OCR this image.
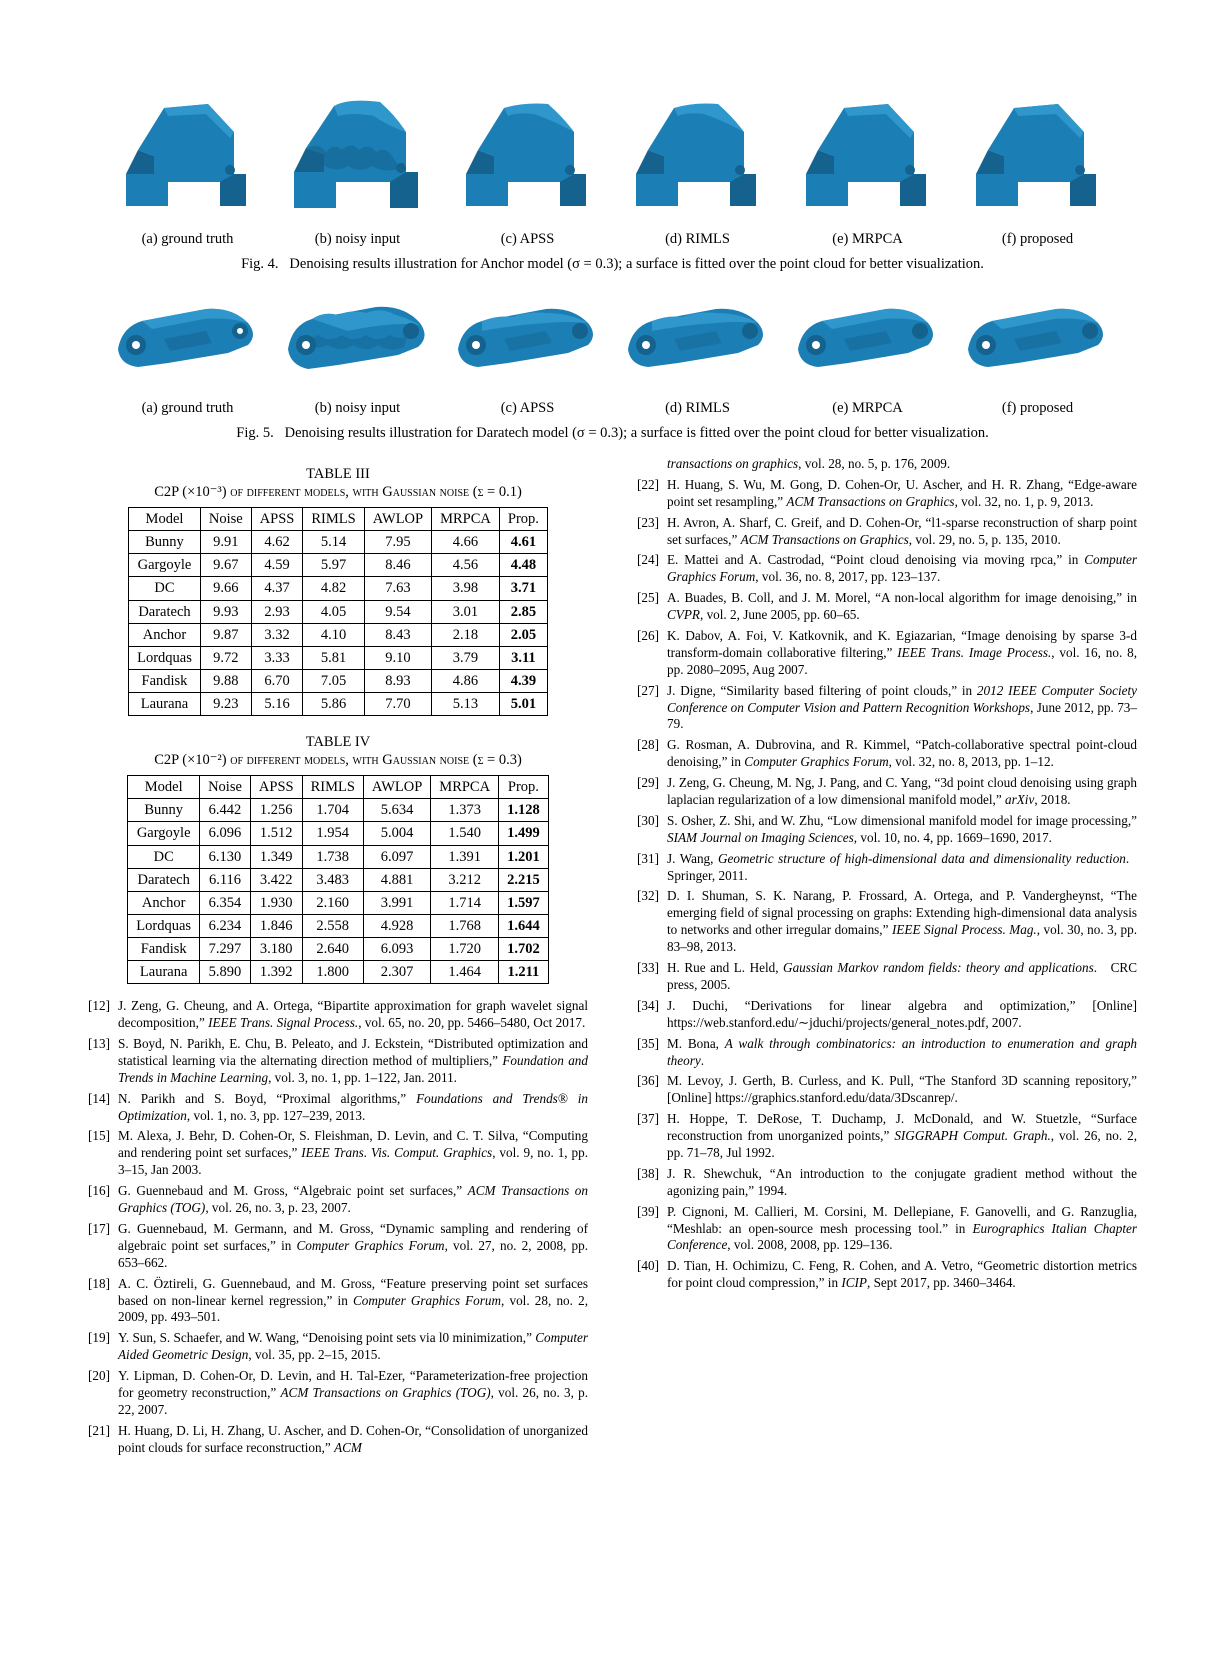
(a) ground truth	(b) noisy input	(c) APSS	(d) RIMLS	(e) MRPCA	(f) proposed
Fig. 4. Denoising results illustration for Anchor model (σ = 0.3); a surface is fitted over the point cloud for better visualization.
(a) ground truth	(b) noisy input	(c) APSS	(d) RIMLS	(e) MRPCA	(f) proposed
Fig. 5. Denoising results illustration for Daratech model (σ = 0.3); a surface is fitted over the point cloud for better visualization.
TABLE III
C2P (×10⁻³) of different models, with Gaussian noise (σ = 0.1)
Model	Noise	APSS	RIMLS	AWLOP	MRPCA	Prop.
Bunny	9.91	4.62	5.14	7.95	4.66	4.61
Gargoyle	9.67	4.59	5.97	8.46	4.56	4.48
DC	9.66	4.37	4.82	7.63	3.98	3.71
Daratech	9.93	2.93	4.05	9.54	3.01	2.85
Anchor	9.87	3.32	4.10	8.43	2.18	2.05
Lordquas	9.72	3.33	5.81	9.10	3.79	3.11
Fandisk	9.88	6.70	7.05	8.93	4.86	4.39
Laurana	9.23	5.16	5.86	7.70	5.13	5.01
TABLE IV
C2P (×10⁻²) of different models, with Gaussian noise (σ = 0.3)
Model	Noise	APSS	RIMLS	AWLOP	MRPCA	Prop.
Bunny	6.442	1.256	1.704	5.634	1.373	1.128
Gargoyle	6.096	1.512	1.954	5.004	1.540	1.499
DC	6.130	1.349	1.738	6.097	1.391	1.201
Daratech	6.116	3.422	3.483	4.881	3.212	2.215
Anchor	6.354	1.930	2.160	3.991	1.714	1.597
Lordquas	6.234	1.846	2.558	4.928	1.768	1.644
Fandisk	7.297	3.180	2.640	6.093	1.720	1.702
Laurana	5.890	1.392	1.800	2.307	1.464	1.211
[12] J. Zeng, G. Cheung, and A. Ortega, “Bipartite approximation for graph wavelet signal decomposition,” IEEE Trans. Signal Process., vol. 65, no. 20, pp. 5466–5480, Oct 2017.
[13] S. Boyd, N. Parikh, E. Chu, B. Peleato, and J. Eckstein, “Distributed optimization and statistical learning via the alternating direction method of multipliers,” Foundation and Trends in Machine Learning, vol. 3, no. 1, pp. 1–122, Jan. 2011.
[14] N. Parikh and S. Boyd, “Proximal algorithms,” Foundations and Trends® in Optimization, vol. 1, no. 3, pp. 127–239, 2013.
[15] M. Alexa, J. Behr, D. Cohen-Or, S. Fleishman, D. Levin, and C. T. Silva, “Computing and rendering point set surfaces,” IEEE Trans. Vis. Comput. Graphics, vol. 9, no. 1, pp. 3–15, Jan 2003.
[16] G. Guennebaud and M. Gross, “Algebraic point set surfaces,” ACM Transactions on Graphics (TOG), vol. 26, no. 3, p. 23, 2007.
[17] G. Guennebaud, M. Germann, and M. Gross, “Dynamic sampling and rendering of algebraic point set surfaces,” in Computer Graphics Forum, vol. 27, no. 2, 2008, pp. 653–662.
[18] A. C. Öztireli, G. Guennebaud, and M. Gross, “Feature preserving point set surfaces based on non-linear kernel regression,” in Computer Graphics Forum, vol. 28, no. 2, 2009, pp. 493–501.
[19] Y. Sun, S. Schaefer, and W. Wang, “Denoising point sets via l0 minimization,” Computer Aided Geometric Design, vol. 35, pp. 2–15, 2015.
[20] Y. Lipman, D. Cohen-Or, D. Levin, and H. Tal-Ezer, “Parameterization-free projection for geometry reconstruction,” ACM Transactions on Graphics (TOG), vol. 26, no. 3, p. 22, 2007.
[21] H. Huang, D. Li, H. Zhang, U. Ascher, and D. Cohen-Or, “Consolidation of unorganized point clouds for surface reconstruction,” ACM
transactions on graphics, vol. 28, no. 5, p. 176, 2009.
[22] H. Huang, S. Wu, M. Gong, D. Cohen-Or, U. Ascher, and H. R. Zhang, “Edge-aware point set resampling,” ACM Transactions on Graphics, vol. 32, no. 1, p. 9, 2013.
[23] H. Avron, A. Sharf, C. Greif, and D. Cohen-Or, “l1-sparse reconstruction of sharp point set surfaces,” ACM Transactions on Graphics, vol. 29, no. 5, p. 135, 2010.
[24] E. Mattei and A. Castrodad, “Point cloud denoising via moving rpca,” in Computer Graphics Forum, vol. 36, no. 8, 2017, pp. 123–137.
[25] A. Buades, B. Coll, and J. M. Morel, “A non-local algorithm for image denoising,” in CVPR, vol. 2, June 2005, pp. 60–65.
[26] K. Dabov, A. Foi, V. Katkovnik, and K. Egiazarian, “Image denoising by sparse 3-d transform-domain collaborative filtering,” IEEE Trans. Image Process., vol. 16, no. 8, pp. 2080–2095, Aug 2007.
[27] J. Digne, “Similarity based filtering of point clouds,” in 2012 IEEE Computer Society Conference on Computer Vision and Pattern Recognition Workshops, June 2012, pp. 73–79.
[28] G. Rosman, A. Dubrovina, and R. Kimmel, “Patch-collaborative spectral point-cloud denoising,” in Computer Graphics Forum, vol. 32, no. 8, 2013, pp. 1–12.
[29] J. Zeng, G. Cheung, M. Ng, J. Pang, and C. Yang, “3d point cloud denoising using graph laplacian regularization of a low dimensional manifold model,” arXiv, 2018.
[30] S. Osher, Z. Shi, and W. Zhu, “Low dimensional manifold model for image processing,” SIAM Journal on Imaging Sciences, vol. 10, no. 4, pp. 1669–1690, 2017.
[31] J. Wang, Geometric structure of high-dimensional data and dimensionality reduction.   Springer, 2011.
[32] D. I. Shuman, S. K. Narang, P. Frossard, A. Ortega, and P. Vandergheynst, “The emerging field of signal processing on graphs: Extending high-dimensional data analysis to networks and other irregular domains,” IEEE Signal Process. Mag., vol. 30, no. 3, pp. 83–98, 2013.
[33] H. Rue and L. Held, Gaussian Markov random fields: theory and applications.   CRC press, 2005.
[34] J. Duchi, “Derivations for linear algebra and optimization,” [Online] https://web.stanford.edu/∼jduchi/projects/general_notes.pdf, 2007.
[35] M. Bona, A walk through combinatorics: an introduction to enumeration and graph theory.
[36] M. Levoy, J. Gerth, B. Curless, and K. Pull, “The Stanford 3D scanning repository,” [Online] https://graphics.stanford.edu/data/3Dscanrep/.
[37] H. Hoppe, T. DeRose, T. Duchamp, J. McDonald, and W. Stuetzle, “Surface reconstruction from unorganized points,” SIGGRAPH Comput. Graph., vol. 26, no. 2, pp. 71–78, Jul 1992.
[38] J. R. Shewchuk, “An introduction to the conjugate gradient method without the agonizing pain,” 1994.
[39] P. Cignoni, M. Callieri, M. Corsini, M. Dellepiane, F. Ganovelli, and G. Ranzuglia, “Meshlab: an open-source mesh processing tool.” in Eurographics Italian Chapter Conference, vol. 2008, 2008, pp. 129–136.
[40] D. Tian, H. Ochimizu, C. Feng, R. Cohen, and A. Vetro, “Geometric distortion metrics for point cloud compression,” in ICIP, Sept 2017, pp. 3460–3464.
